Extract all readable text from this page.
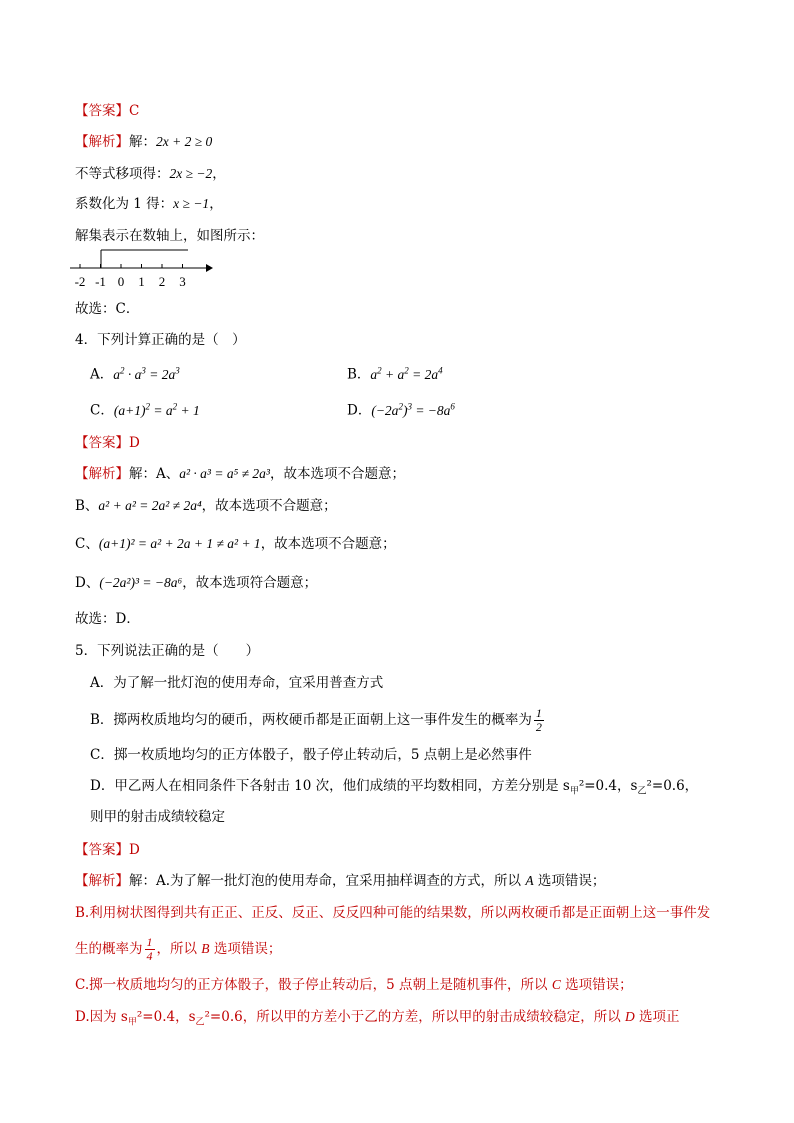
【答案】C
【解析】解：2x + 2 ≥ 0
不等式移项得：2x ≥ −2，
系数化为 1 得：x ≥ −1，
解集表示在数轴上，如图所示：
-2 -1 0 1 2 3
故选：C．
4．下列计算正确的是（　）
A．$a^2 \cdot a^3 = 2a^3$	B．$a^2 + a^2 = 2a^4$
C．$(a+1)^2 = a^2 + 1$	D．$(-2a^2)^3 = -8a^6$
【答案】D
【解析】解：A、a² · a³ = a⁵ ≠ 2a³，故本选项不合题意；
B、a² + a² = 2a² ≠ 2a⁴，故本选项不合题意；
C、(a+1)² = a² + 2a + 1 ≠ a² + 1，故本选项不合题意；
D、(−2a²)³ = −8a⁶，故本选项符合题意；
故选：D．
5．下列说法正确的是（　　）
A．为了解一批灯泡的使用寿命，宜采用普查方式
B．掷两枚质地均匀的硬币，两枚硬币都是正面朝上这一事件发生的概率为 $\frac{1}{2}$
C．掷一枚质地均匀的正方体骰子，骰子停止转动后，5 点朝上是必然事件
D．甲乙两人在相同条件下各射击 10 次，他们成绩的平均数相同，方差分别是 $s_甲^2=0.4$，$s_乙^2=0.6$，
则甲的射击成绩较稳定
【答案】D
【解析】解：A.为了解一批灯泡的使用寿命，宜采用抽样调查的方式，所以 A 选项错误；
B.利用树状图得到共有正正、正反、反正、反反四种可能的结果数，所以两枚硬币都是正面朝上这一事件发
生的概率为 $\frac{1}{4}$ ，所以 B 选项错误；
C.掷一枚质地均匀的正方体骰子，骰子停止转动后，5 点朝上是随机事件，所以 C 选项错误；
D.因为 $s_甲^2=0.4$，$s_乙^2=0.6$，所以甲的方差小于乙的方差，所以甲的射击成绩较稳定，所以 D 选项正
